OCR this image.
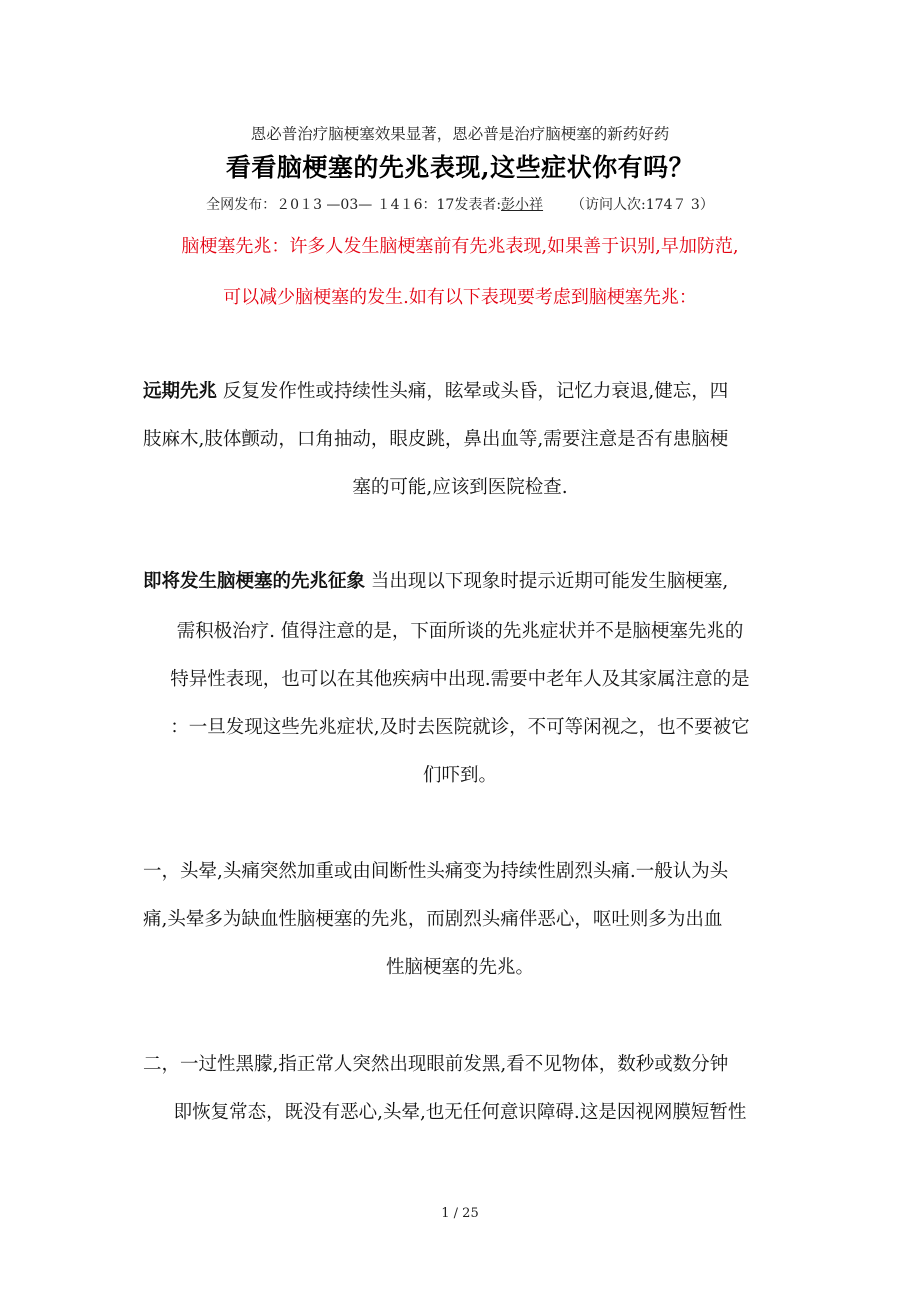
恩必普治疗脑梗塞效果显著，恩必普是治疗脑梗塞的新药好药
看看脑梗塞的先兆表现,这些症状你有吗？
全网发布：２0１3 —03— １4１6：17发表者:彭小祥 （访问人次:174７ 3）
脑梗塞先兆：许多人发生脑梗塞前有先兆表现,如果善于识别,早加防范,
可以减少脑梗塞的发生.如有以下表现要考虑到脑梗塞先兆：
远期先兆 反复发作性或持续性头痛，眩晕或头昏，记忆力衰退,健忘，四
肢麻木,肢体颤动，口角抽动，眼皮跳，鼻出血等,需要注意是否有患脑梗
塞的可能,应该到医院检查.
即将发生脑梗塞的先兆征象 当出现以下现象时提示近期可能发生脑梗塞,
需积极治疗. 值得注意的是，下面所谈的先兆症状并不是脑梗塞先兆的
特异性表现，也可以在其他疾病中出现.需要中老年人及其家属注意的是
：一旦发现这些先兆症状,及时去医院就诊，不可等闲视之，也不要被它
们吓到。
一，头晕,头痛突然加重或由间断性头痛变为持续性剧烈头痛.一般认为头
痛,头晕多为缺血性脑梗塞的先兆，而剧烈头痛伴恶心，呕吐则多为出血
性脑梗塞的先兆。
二，一过性黑朦,指正常人突然出现眼前发黑,看不见物体，数秒或数分钟
即恢复常态，既没有恶心,头晕,也无任何意识障碍.这是因视网膜短暂性
1 / 25
